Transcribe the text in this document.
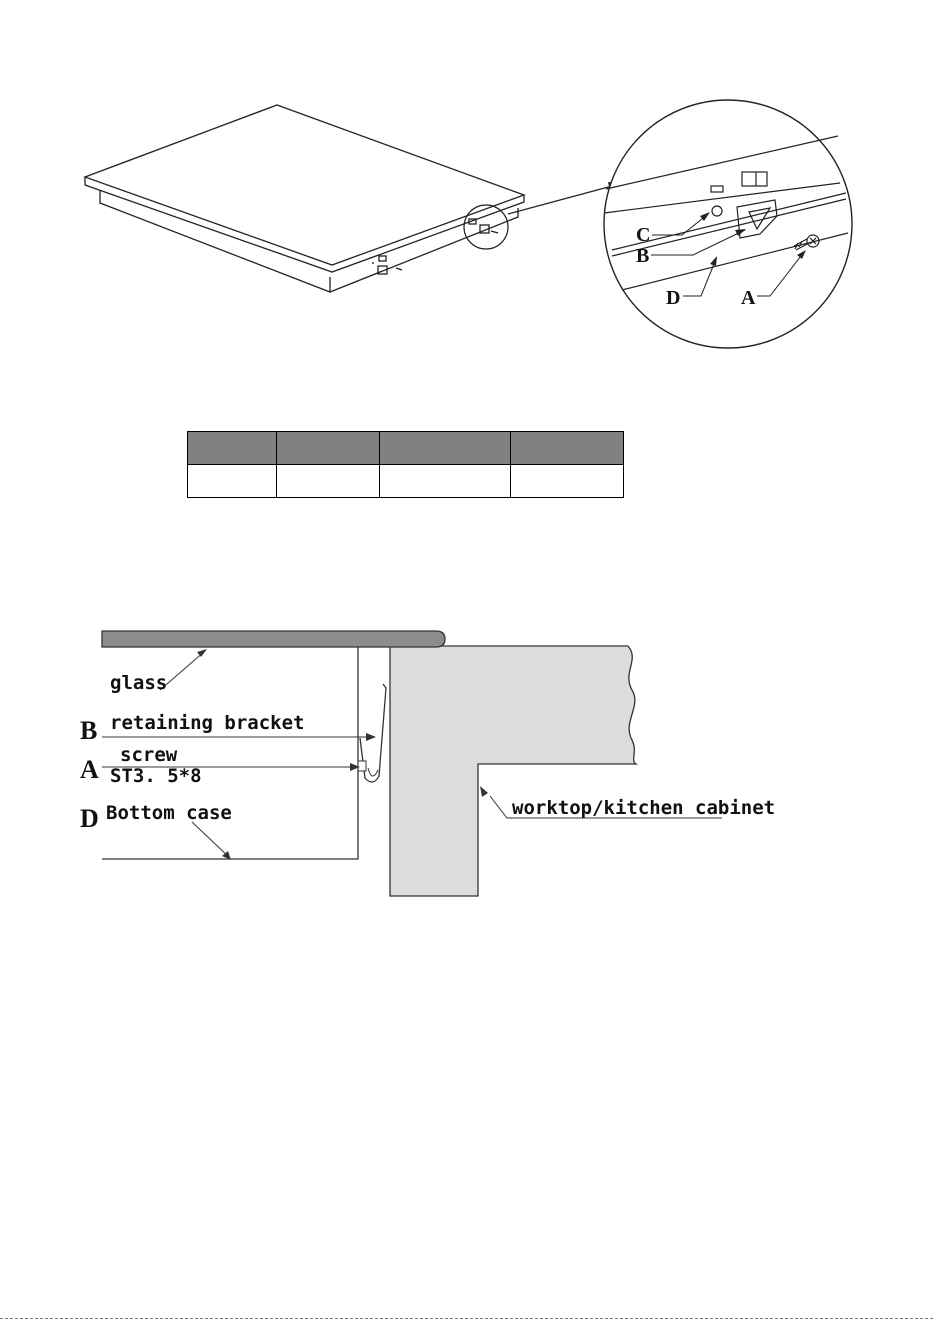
C
B
D	A

glass
B retaining bracket
A screw
ST3. 5*8
D Bottom case	worktop/kitchen cabinet
